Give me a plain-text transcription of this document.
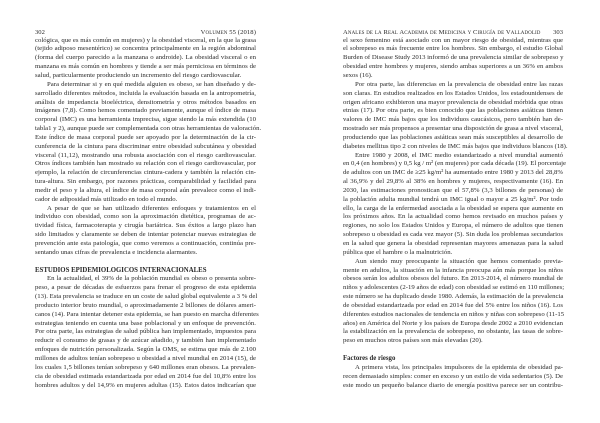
302	Volumen 55 (2018)
cológica, que es más común en mujeres) y la obesidad visceral, en la que la grasa
(tejido adiposo mesentérico) se concentra principalmente en la región abdominal
(forma del cuerpo parecido a la manzana o androide). La obesidad visceral o en
manzana es más común en hombres y tiende a ser más perniciosa en términos de
salud, particularmente produciendo un incremento del riesgo cardiovascular.
Para determinar si y en qué medida alguien es obeso, se han diseñado y de-
sarrollado diferentes métodos, incluida la evaluación basada en la antropometría,
análisis de impedancia bioeléctrica, densitometría y otros métodos basados en
imágenes (7,8). Como hemos comentado previamente, aunque el índice de masa
corporal (IMC) es una herramienta imprecisa, sigue siendo la más extendida (10
tabla1 y 2), aunque puede ser complementada con otras herramientas de valoración.
Este índice de masa corporal puede ser apoyado por la determinación de la cir-
cunferencia de la cintura para discriminar entre obesidad subcutánea y obesidad
visceral (11,12), mostrando una robusta asociación con el riesgo cardiovascular.
Otros índices también han mostrado su relación con el riesgo cardiovascular, por
ejemplo, la relación de circunferencias cintura-cadera y también la relación cin-
tura-altura. Sin embargo, por razones prácticas, comparabilidad y facilidad para
medir el peso y la altura, el índice de masa corporal aún prevalece como el indi-
cador de adiposidad más utilizado en todo el mundo.
A pesar de que se han utilizado diferentes enfoques y tratamientos en el
individuo con obesidad, como son la aproximación dietética, programas de ac-
tividad física, farmacoterapia y cirugía bariátrica. Sus éxitos a largo plazo han
sido limitados y claramente se deben de intentar potenciar nuevas estrategias de
prevención ante esta patología, que como veremos a continuación, continúa pre-
sentando unas cifras de prevalencia e incidencia alarmantes.
ESTUDIOS EPIDEMIOLOGICOS INTERNACIONALES
En la actualidad, el 39% de la población mundial es obeso o presenta sobre-
peso, a pesar de décadas de esfuerzos para frenar el progreso de esta epidemia
(13). Esta prevalencia se traduce en un coste de salud global equivalente a 3 % del
producto interior bruto mundial, o aproximadamente 2 billones de dólares ameri-
canos (14). Para intentar detener esta epidemia, se han puesto en marcha diferentes
estrategias teniendo en cuenta una base poblacional y un enfoque de prevención.
Por otra parte, las estrategias de salud pública han implementado, impuestos para
reducir el consumo de grasas y de azúcar añadido, y también han implementado
enfoques de nutrición personalizada. Según la OMS, se estima que más de 2.100
millones de adultos tenían sobrepeso u obesidad a nivel mundial en 2014 (15), de
los cuales 1,5 billones tenían sobrepeso y 640 millones eran obesos. La prevalen-
cia de obesidad estimada estandarizada por edad en 2014 fue del 10,8% entre los
hombres adultos y del 14,9% en mujeres adultas (15). Estos datos indicarían que
Anales de la Real Academia de Medicina y Cirugía de Valladolid 303
el sexo femenino está asociado con un mayor riesgo de obesidad, mientras que
el sobrepeso es más frecuente entre los hombres. Sin embargo, el estudio Global
Burden of Disease Study 2013 informó de una prevalencia similar de sobrepeso y
obesidad entre hombres y mujeres, siendo ambas superiores a un 36% en ambos
sexos (16).
Por otra parte, las diferencias en la prevalencia de obesidad entre las razas
son claras. En estudios realizados en los Estados Unidos, los estadounidenses de
origen africano exhibieron una mayor prevalencia de obesidad mórbida que otras
etnias (17). Por otra parte, es bien conocido que las poblaciones asiáticas tienen
valores de IMC más bajos que los individuos caucásicos, pero también han de-
mostrado ser más propensos a presentar una disposición de grasa a nivel visceral,
produciendo que las poblaciones asiáticas sean más susceptibles al desarrollo de
diabetes mellitus tipo 2 con niveles de IMC más bajos que individuos blancos (18).
Entre 1980 y 2008, el IMC medio estandarizado a nivel mundial aumentó
en 0,4 (en hombres) y 0,5 kg / m² (en mujeres) por cada década (19). El porcentaje
de adultos con un IMC de ≥25 kg/m² ha aumentado entre 1980 y 2013 del 28,8%
al 36,9% y del 29,8% al 38% en hombres y mujeres, respectivamente (16). En
2030, las estimaciones pronostican que el 57,8% (3,3 billones de personas) de
la población adulta mundial tendrá un IMC igual o mayor a 25 kg/m². Por todo
ello, la carga de la enfermedad asociada a la obesidad se espera que aumente en
los próximos años. En la actualidad como hemos revisado en muchos países y
regiones, no solo los Estados Unidos y Europa, el número de adultos que tienen
sobrepeso u obesidad es cada vez mayor (5). Sin duda los problemas secundarios
en la salud que genera la obesidad representan mayores amenazas para la salud
pública que el hambre o la malnutrición.
Aun siendo muy preocupante la situación que hemos comentado previa-
mente en adultos, la situación en la infancia preocupa aún más porque los niños
obesos serán los adultos obesos del futuro. En 2013-2014, el número mundial de
niños y adolescentes (2-19 años de edad) con obesidad se estimó en 110 millones;
este número se ha duplicado desde 1980. Además, la estimación de la prevalencia
de obesidad estandarizada por edad en 2014 fue del 5% entre los niños (16). Los
diferentes estudios nacionales de tendencia en niños y niñas con sobrepeso (11-15
años) en América del Norte y los países de Europa desde 2002 a 2010 evidencian
la estabilización en la prevalencia de sobrepeso, no obstante, las tasas de sobre-
peso en muchos otros países son más elevadas (20).
Factores de riesgo
A primera vista, los principales impulsores de la epidemia de obesidad pa-
recen demasiado simples: comer en exceso y un estilo de vida sedentarios (5). De
este modo un pequeño balance diario de energía positiva parece ser un contribu-
